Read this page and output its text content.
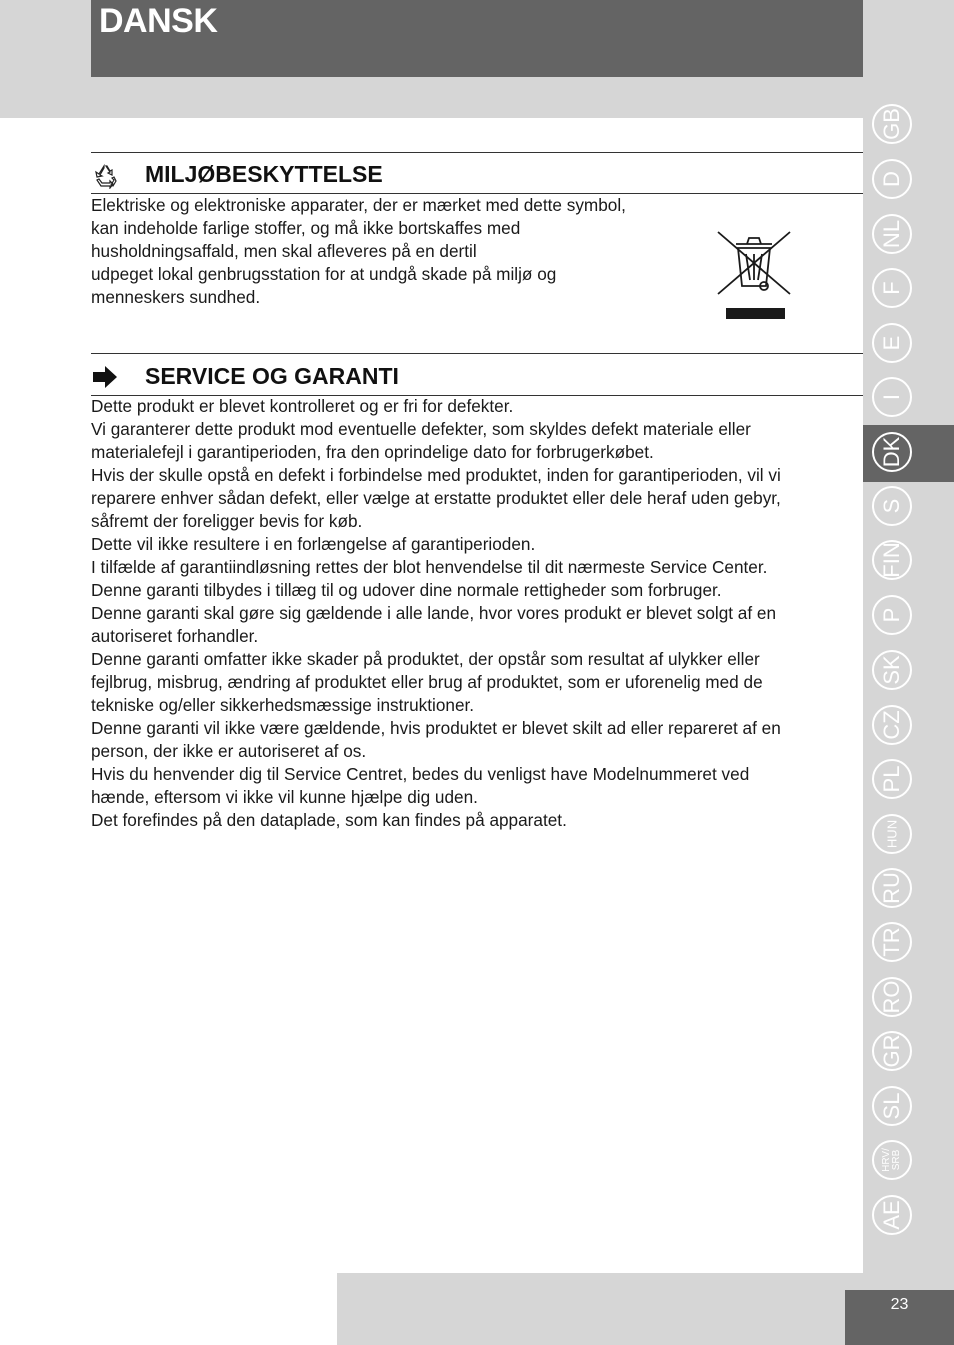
DANSK
23
GB
D
NL
F
E
I
DK
S
FIN
P
SK
CZ
PL
HUN
RU
TR
RO
GR
SL
HRV/
SRB
AE
MILJØBESKYTTELSE
Elektriske og elektroniske apparater, der er mærket med dette symbol,
kan indeholde farlige stoffer, og må ikke bortskaffes med
husholdningsaffald, men skal afleveres på en dertil
udpeget lokal genbrugsstation for at undgå skade på miljø og
menneskers sundhed.
SERVICE OG GARANTI
Dette produkt er blevet kontrolleret og er fri for defekter.
Vi garanterer dette produkt mod eventuelle defekter, som skyldes defekt materiale eller
materialefejl i garantiperioden, fra den oprindelige dato for forbrugerkøbet.
Hvis der skulle opstå en defekt i forbindelse med produktet, inden for garantiperioden, vil vi
reparere enhver sådan defekt, eller vælge at erstatte produktet eller dele heraf uden gebyr,
såfremt der foreligger bevis for køb.
Dette vil ikke resultere i en forlængelse af garantiperioden.
I tilfælde af garantiindløsning rettes der blot henvendelse til dit nærmeste Service Center.
Denne garanti tilbydes i tillæg til og udover dine normale rettigheder som forbruger.
Denne garanti skal gøre sig gældende i alle lande, hvor vores produkt er blevet solgt af en
autoriseret forhandler.
Denne garanti omfatter ikke skader på produktet, der opstår som resultat af ulykker eller
fejlbrug, misbrug, ændring af produktet eller brug af produktet, som er uforenelig med de
tekniske og/eller sikkerhedsmæssige instruktioner.
Denne garanti vil ikke være gældende, hvis produktet er blevet skilt ad eller repareret af en
person, der ikke er autoriseret af os.
Hvis du henvender dig til Service Centret, bedes du venligst have Modelnummeret ved
hænde, eftersom vi ikke vil kunne hjælpe dig uden.
Det forefindes på den dataplade, som kan findes på apparatet.
